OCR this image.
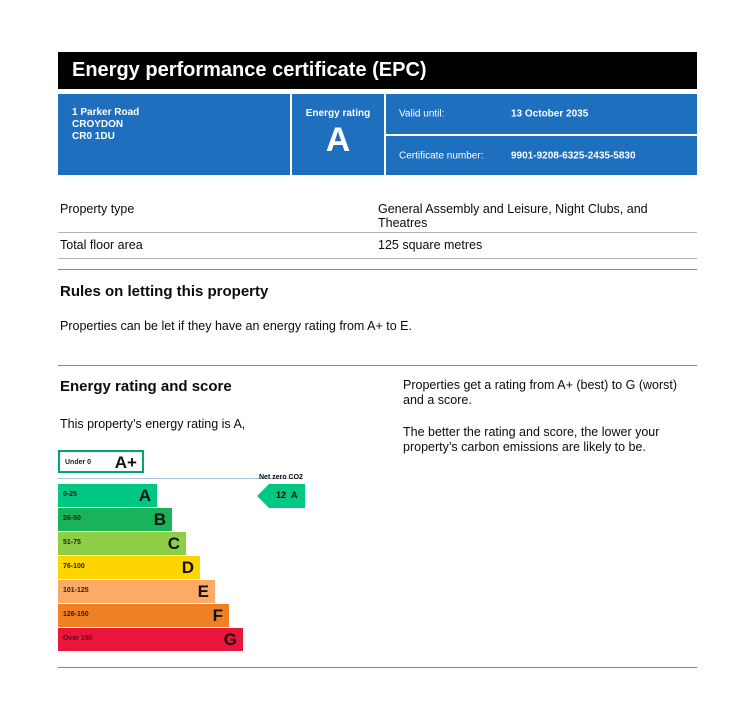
Energy performance certificate (EPC)
1 Parker Road
CROYDON
CR0 1DU
Energy rating
A
Valid until:	13 October 2035
Certificate number:	9901-9208-6325-2435-5830
Property type	General Assembly and Leisure, Night Clubs, and Theatres
Total floor area	125 square metres
Rules on letting this property
Properties can be let if they have an energy rating from A+ to E.
Energy rating and score
This property’s energy rating is A,
Properties get a rating from A+ (best) to G (worst) and a score.
The better the rating and score, the lower your property’s carbon emissions are likely to be.
Under 0 A+
0-25	A
26-50	B
51-75	C
76-100	D
101-125	E
126-150	F
Over 150	G
Net zero CO2
12 A
